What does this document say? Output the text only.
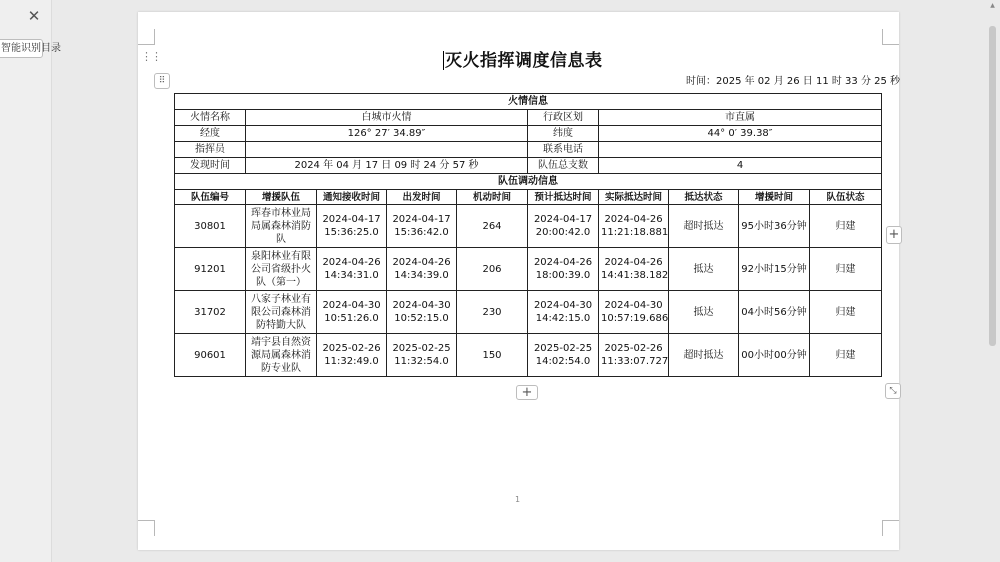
✕
智能识别目录
⋮⋮
⠿
灭火指挥调度信息表
时间：2025 年 02 月 26 日 11 时 33 分 25 秒
火情信息									
火情名称	白城市火情				行政区划	市直属			
经度	126° 27′ 34.89″				纬度	44° 0′ 39.38″			
指挥员					联系电话				
发现时间	2024 年 04 月 17 日 09 时 24 分 57 秒				队伍总支数	4			
队伍调动信息									
队伍编号	增援队伍	通知接收时间	出发时间	机动时间	预计抵达时间	实际抵达时间	抵达状态	增援时间	队伍状态
30801	珲春市林业局局属森林消防队	2024-04-17 15:36:25.0	2024-04-17 15:36:42.0	264	2024-04-17 20:00:42.0	2024-04-26 11:21:18.881	超时抵达	95小时36分钟	归建
91201	泉阳林业有限公司省级扑火队（第一）	2024-04-26 14:34:31.0	2024-04-26 14:34:39.0	206	2024-04-26 18:00:39.0	2024-04-26 14:41:38.182	抵达	92小时15分钟	归建
31702	八家子林业有限公司森林消防特勤大队	2024-04-30 10:51:26.0	2024-04-30 10:52:15.0	230	2024-04-30 14:42:15.0	2024-04-30 10:57:19.686	抵达	04小时56分钟	归建
90601	靖宇县自然资源局属森林消防专业队	2025-02-26 11:32:49.0	2025-02-25 11:32:54.0	150	2025-02-25 14:02:54.0	2025-02-26 11:33:07.727	超时抵达	00小时00分钟	归建
+
+	⤡
1
▲
